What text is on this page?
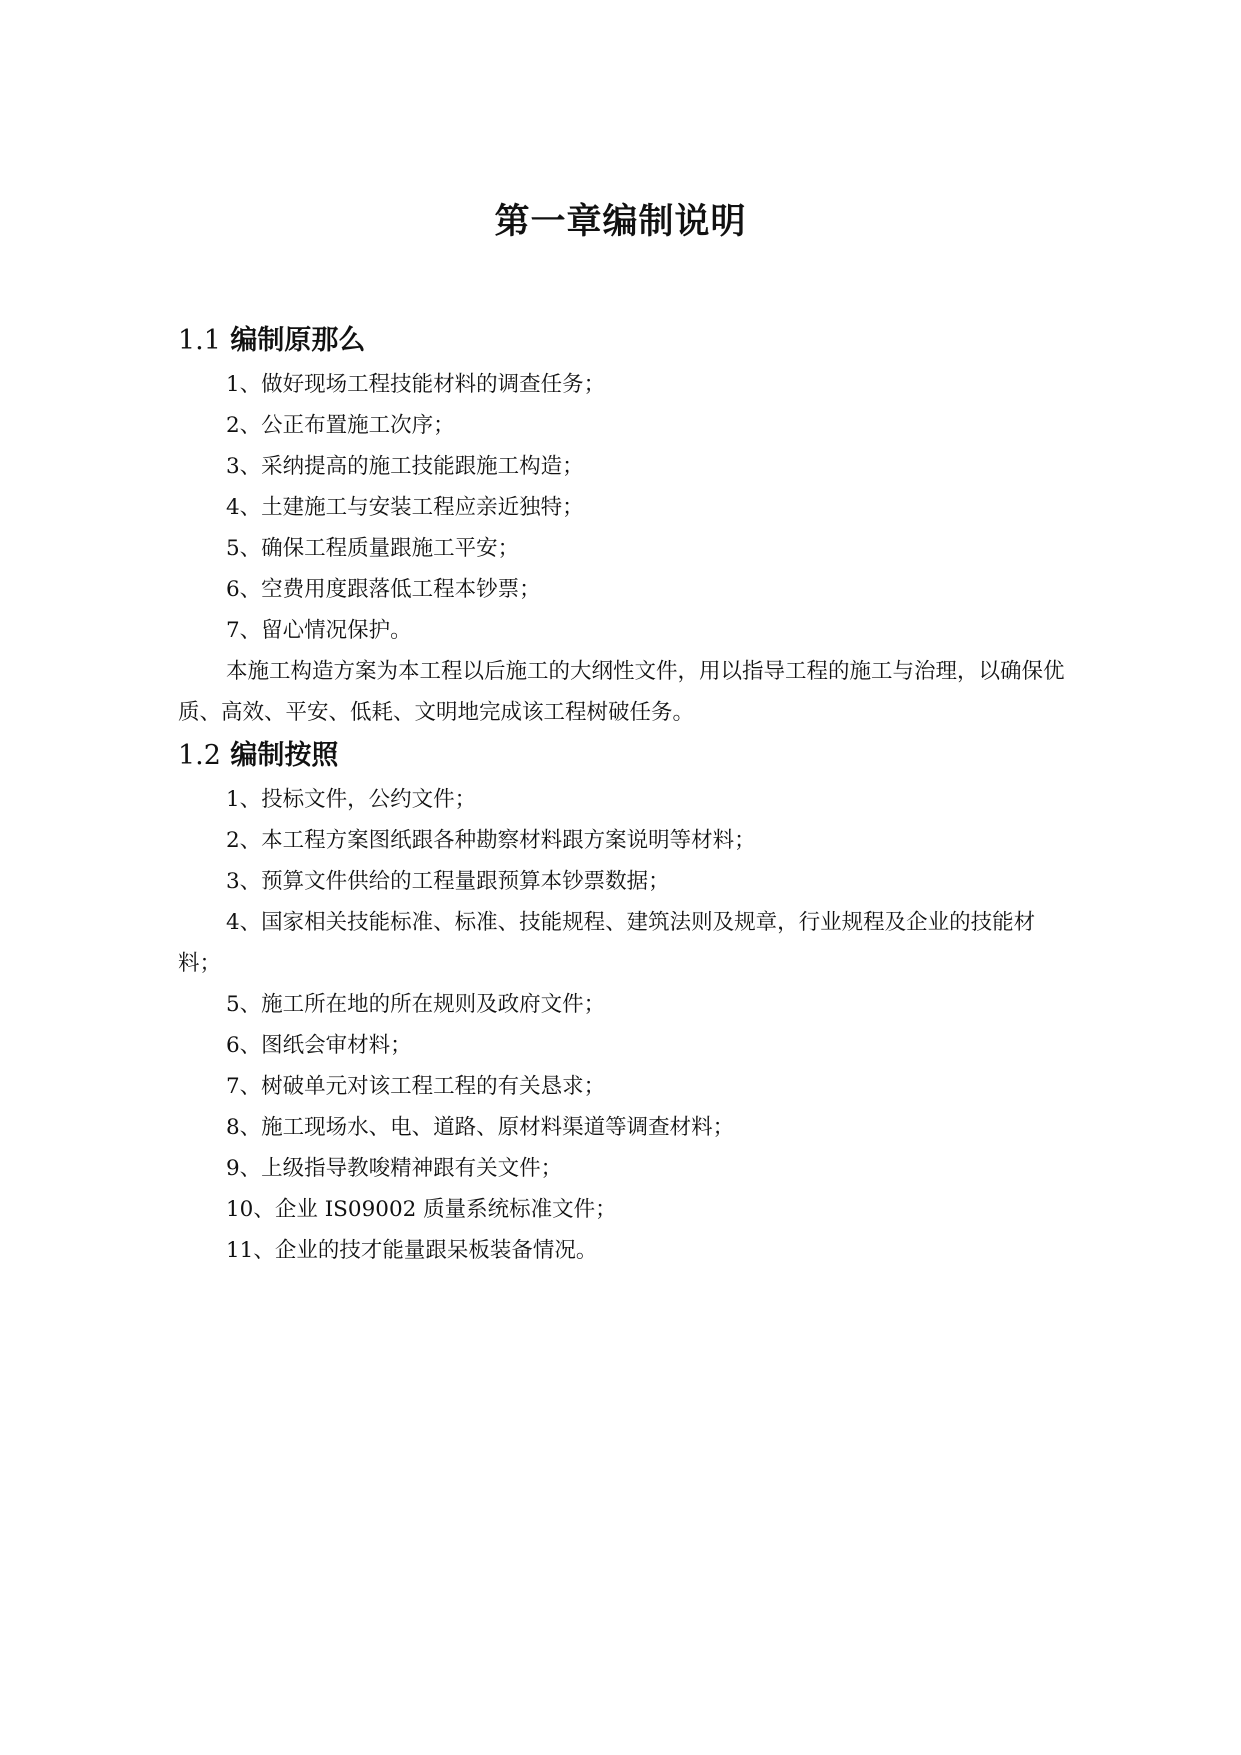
第一章编制说明
1.1 编制原那么
1、做好现场工程技能材料的调查任务；
2、公正布置施工次序；
3、采纳提高的施工技能跟施工构造；
4、土建施工与安装工程应亲近独特；
5、确保工程质量跟施工平安；
6、空费用度跟落低工程本钞票；
7、留心情况保护。

本施工构造方案为本工程以后施工的大纲性文件，用以指导工程的施工与治理，以确保优质、高效、平安、低耗、文明地完成该工程树破任务。

1.2 编制按照
1、投标文件，公约文件；
2、本工程方案图纸跟各种勘察材料跟方案说明等材料；
3、预算文件供给的工程量跟预算本钞票数据；
4、国家相关技能标准、标准、技能规程、建筑法则及规章，行业规程及企业的技能材料；
5、施工所在地的所在规则及政府文件；
6、图纸会审材料；
7、树破单元对该工程工程的有关恳求；
8、施工现场水、电、道路、原材料渠道等调查材料；
9、上级指导教唆精神跟有关文件；
10、企业 IS09002 质量系统标准文件；
11、企业的技才能量跟呆板装备情况。
